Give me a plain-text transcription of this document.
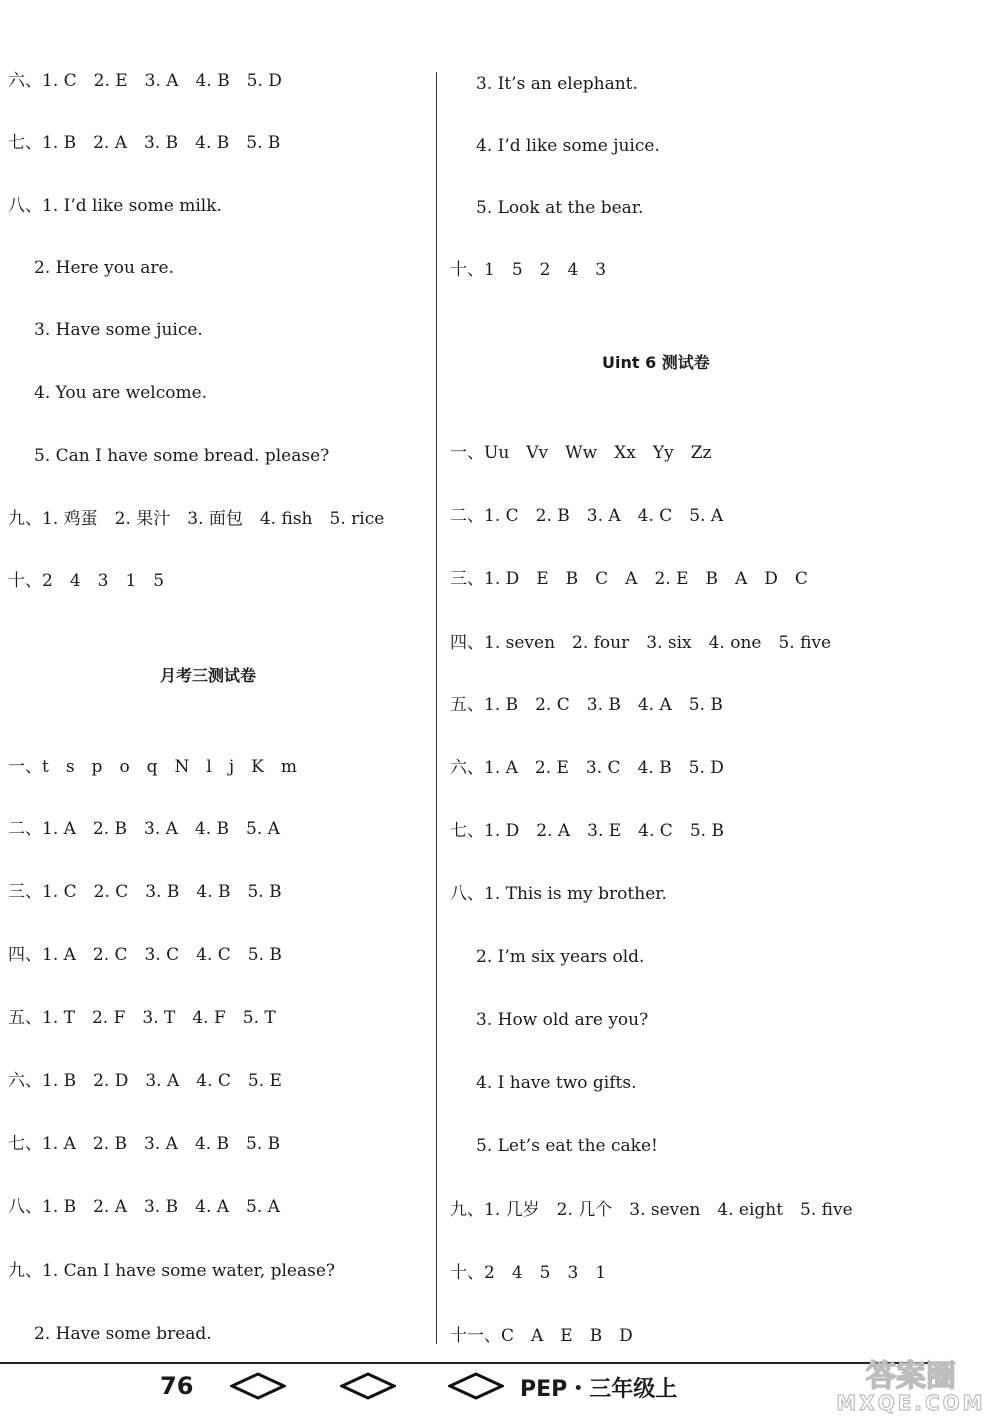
六、1. C　2. E　3. A　4. B　5. D
七、1. B　2. A　3. B　4. B　5. B
八、1. I’d like some milk.
2. Here you are.
3. Have some juice.
4. You are welcome.
5. Can I have some bread. please?
九、1. 鸡蛋　2. 果汁　3. 面包　4. fish　5. rice
十、2　4　3　1　5
月考三测试卷
一、t　s　p　o　q　N　l　j　K　m
二、1. A　2. B　3. A　4. B　5. A
三、1. C　2. C　3. B　4. B　5. B
四、1. A　2. C　3. C　4. C　5. B
五、1. T　2. F　3. T　4. F　5. T
六、1. B　2. D　3. A　4. C　5. E
七、1. A　2. B　3. A　4. B　5. B
八、1. B　2. A　3. B　4. A　5. A
九、1. Can I have some water, please?
2. Have some bread.
3. It’s an elephant.
4. I’d like some juice.
5. Look at the bear.
十、1　5　2　4　3
Uint 6 测试卷
一、Uu　Vv　Ww　Xx　Yy　Zz
二、1. C　2. B　3. A　4. C　5. A
三、1. D　E　B　C　A　2. E　B　A　D　C
四、1. seven　2. four　3. six　4. one　5. five
五、1. B　2. C　3. B　4. A　5. B
六、1. A　2. E　3. C　4. B　5. D
七、1. D　2. A　3. E　4. C　5. B
八、1. This is my brother.
2. I’m six years old.
3. How old are you?
4. I have two gifts.
5. Let’s eat the cake!
九、1. 几岁　2. 几个　3. seven　4. eight　5. five
十、2　4　5　3　1
十一、C　A　E　B　D
76	PEP・三年级上	答案圈
MXQE.COM
